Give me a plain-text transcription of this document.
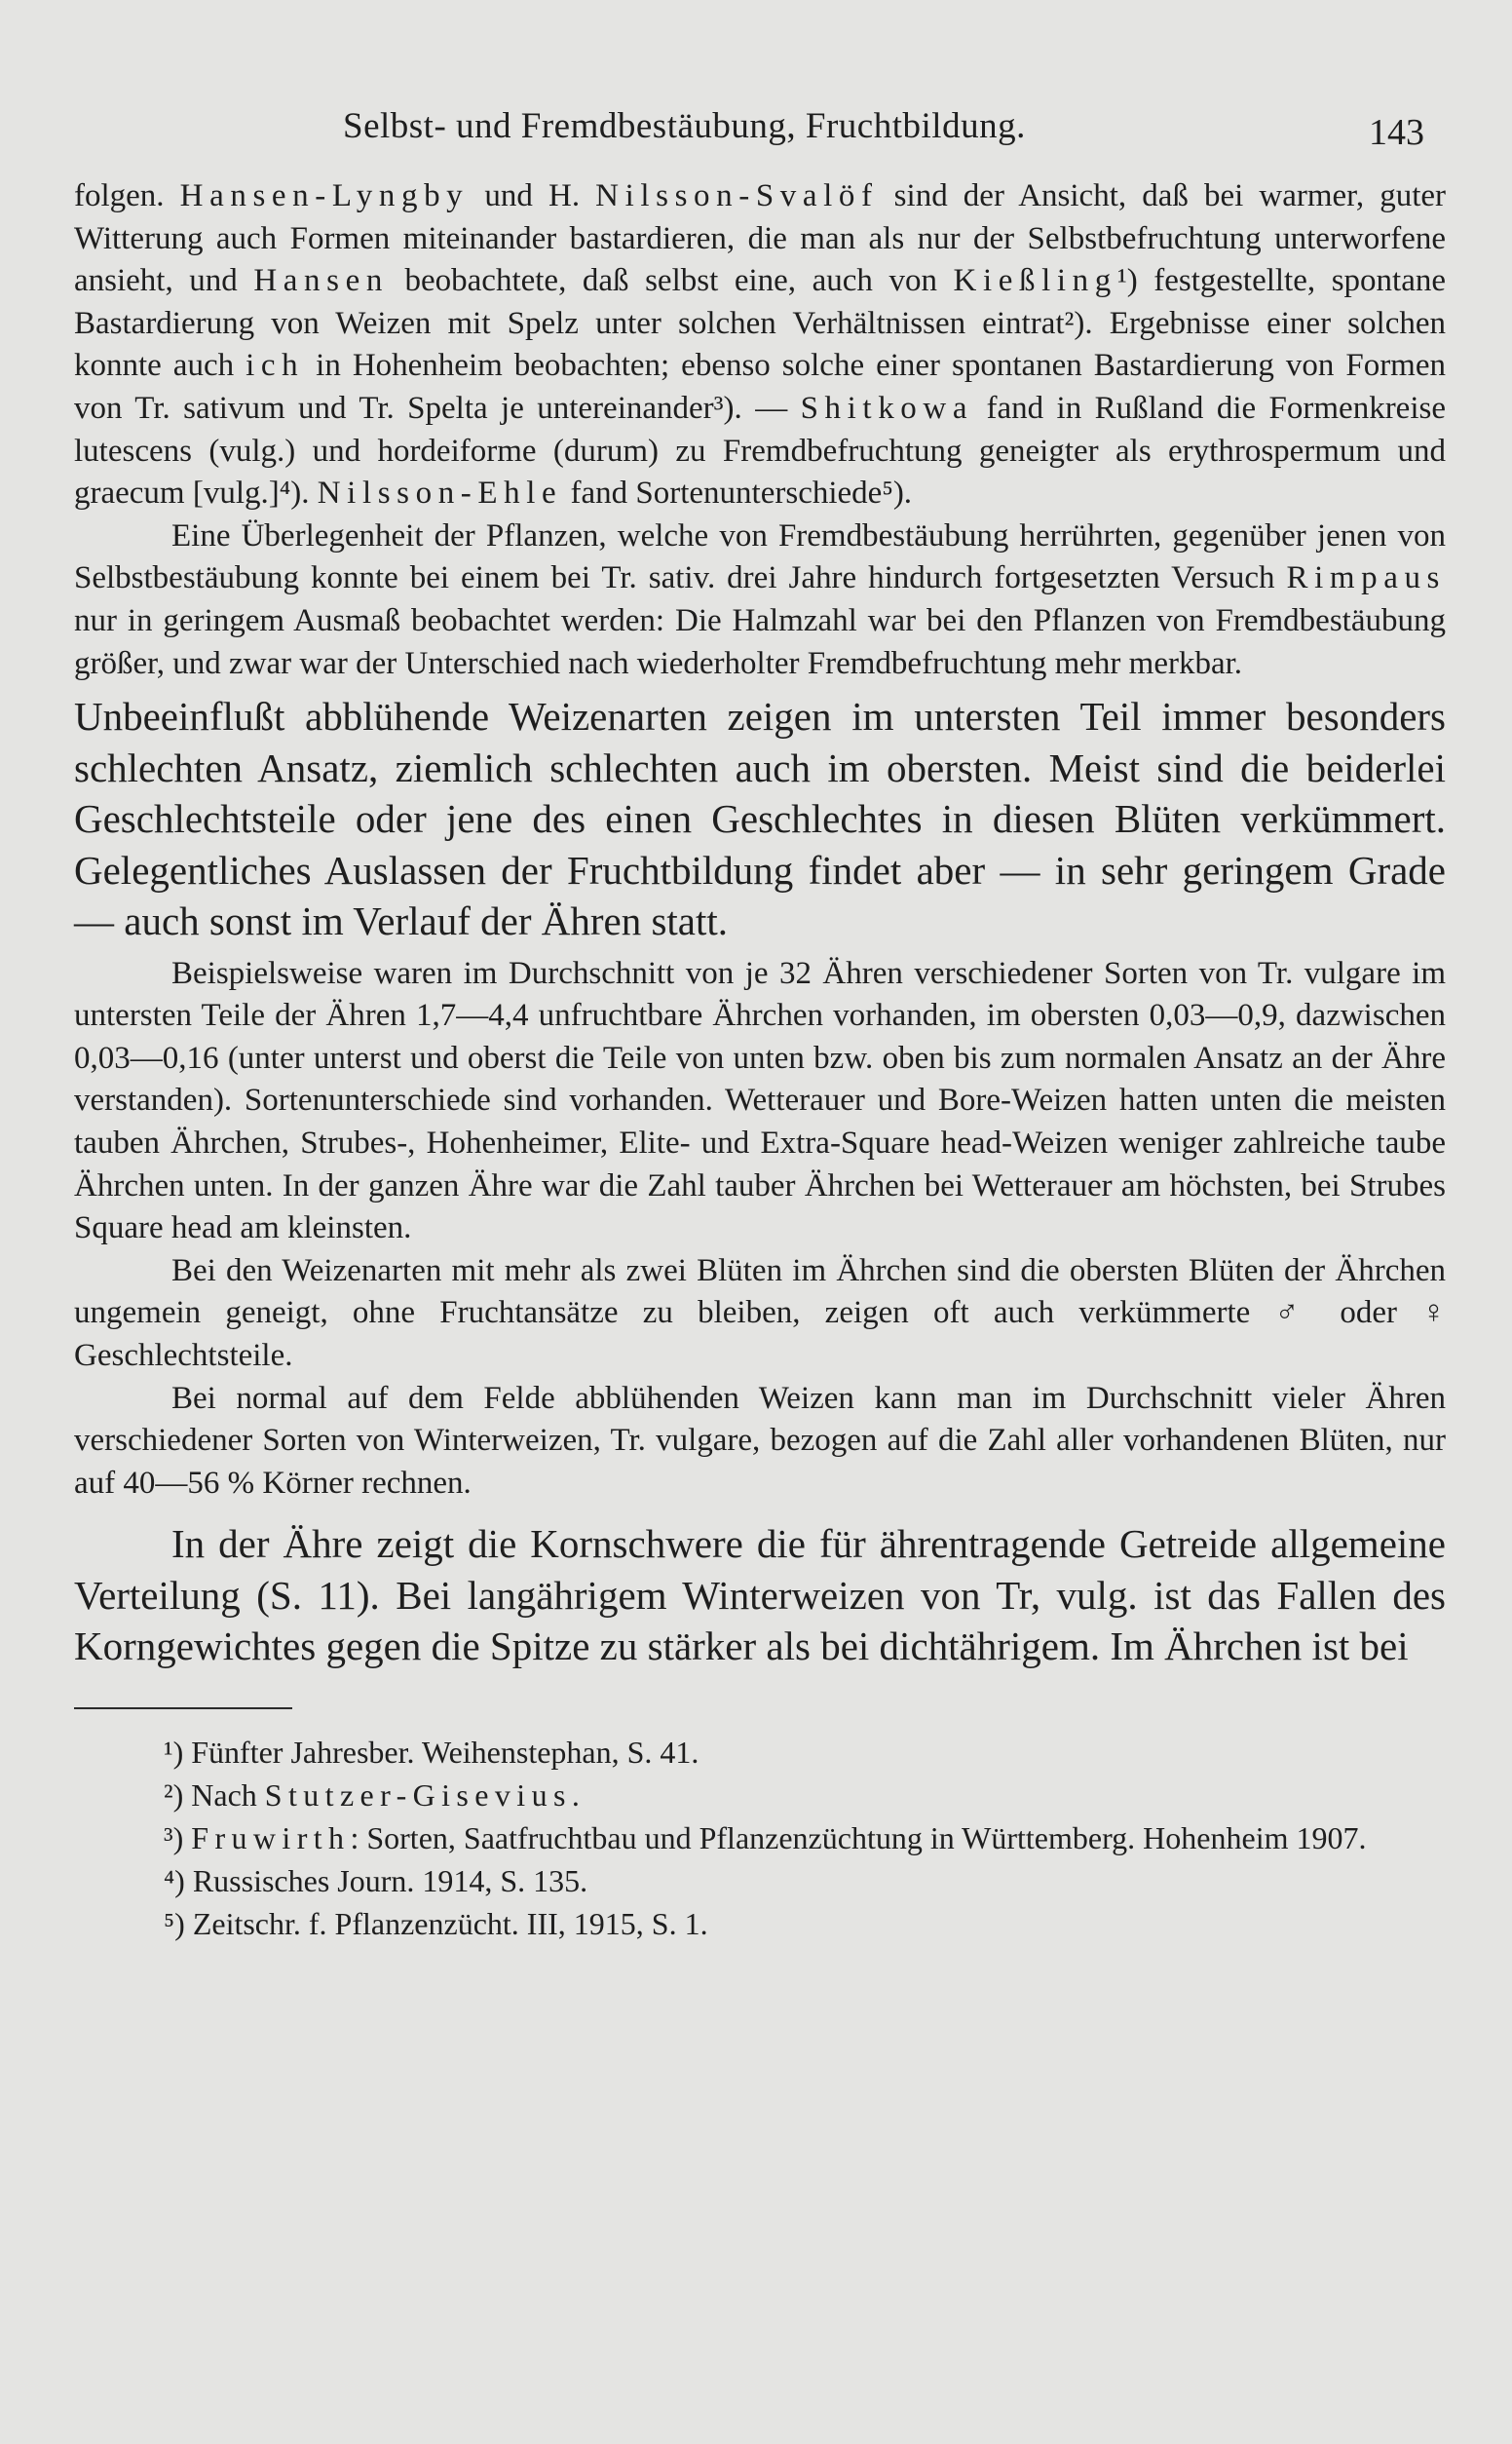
Selbst- und Fremdbestäubung, Fruchtbildung.	143

folgen. Hansen-Lyngby und H. Nilsson-Svalöf sind der Ansicht, daß bei warmer, guter Witterung auch Formen miteinander bastardieren, die man als nur der Selbstbefruchtung unterworfene ansieht, und Hansen beobachtete, daß selbst eine, auch von Kießling¹) festgestellte, spontane Bastardierung von Weizen mit Spelz unter solchen Verhältnissen eintrat²). Ergebnisse einer solchen konnte auch ich in Hohenheim beobachten; ebenso solche einer spontanen Bastardierung von Formen von Tr. sativum und Tr. Spelta je untereinander³). — Shitkowa fand in Rußland die Formenkreise lutescens (vulg.) und hordeiforme (durum) zu Fremdbefruchtung geneigter als erythrospermum und graecum [vulg.]⁴). Nilsson-Ehle fand Sortenunterschiede⁵).

Eine Überlegenheit der Pflanzen, welche von Fremdbestäubung herrührten, gegenüber jenen von Selbstbestäubung konnte bei einem bei Tr. sativ. drei Jahre hindurch fortgesetzten Versuch Rimpaus nur in geringem Ausmaß beobachtet werden: Die Halmzahl war bei den Pflanzen von Fremdbestäubung größer, und zwar war der Unterschied nach wiederholter Fremdbefruchtung mehr merkbar.

Unbeeinflußt abblühende Weizenarten zeigen im untersten Teil immer besonders schlechten Ansatz, ziemlich schlechten auch im obersten. Meist sind die beiderlei Geschlechtsteile oder jene des einen Geschlechtes in diesen Blüten verkümmert. Gelegentliches Auslassen der Fruchtbildung findet aber — in sehr geringem Grade — auch sonst im Verlauf der Ähren statt.

Beispielsweise waren im Durchschnitt von je 32 Ähren verschiedener Sorten von Tr. vulgare im untersten Teile der Ähren 1,7—4,4 unfruchtbare Ährchen vorhanden, im obersten 0,03—0,9, dazwischen 0,03—0,16 (unter unterst und oberst die Teile von unten bzw. oben bis zum normalen Ansatz an der Ähre verstanden). Sortenunterschiede sind vorhanden. Wetterauer und Bore-Weizen hatten unten die meisten tauben Ährchen, Strubes-, Hohenheimer, Elite- und Extra-Square head-Weizen weniger zahlreiche taube Ährchen unten. In der ganzen Ähre war die Zahl tauber Ährchen bei Wetterauer am höchsten, bei Strubes Square head am kleinsten.

Bei den Weizenarten mit mehr als zwei Blüten im Ährchen sind die obersten Blüten der Ährchen ungemein geneigt, ohne Fruchtansätze zu bleiben, zeigen oft auch verkümmerte ♂ oder ♀ Geschlechtsteile.

Bei normal auf dem Felde abblühenden Weizen kann man im Durchschnitt vieler Ähren verschiedener Sorten von Winterweizen, Tr. vulgare, bezogen auf die Zahl aller vorhandenen Blüten, nur auf 40—56 % Körner rechnen.

In der Ähre zeigt die Kornschwere die für ährentragende Getreide allgemeine Verteilung (S. 11). Bei langährigem Winterweizen von Tr, vulg. ist das Fallen des Korngewichtes gegen die Spitze zu stärker als bei dichtährigem. Im Ährchen ist bei

¹) Fünfter Jahresber. Weihenstephan, S. 41.

²) Nach Stutzer-Gisevius.

³) Fruwirth: Sorten, Saatfruchtbau und Pflanzenzüchtung in Württemberg. Hohenheim 1907.

⁴) Russisches Journ. 1914, S. 135.

⁵) Zeitschr. f. Pflanzenzücht. III, 1915, S. 1.
